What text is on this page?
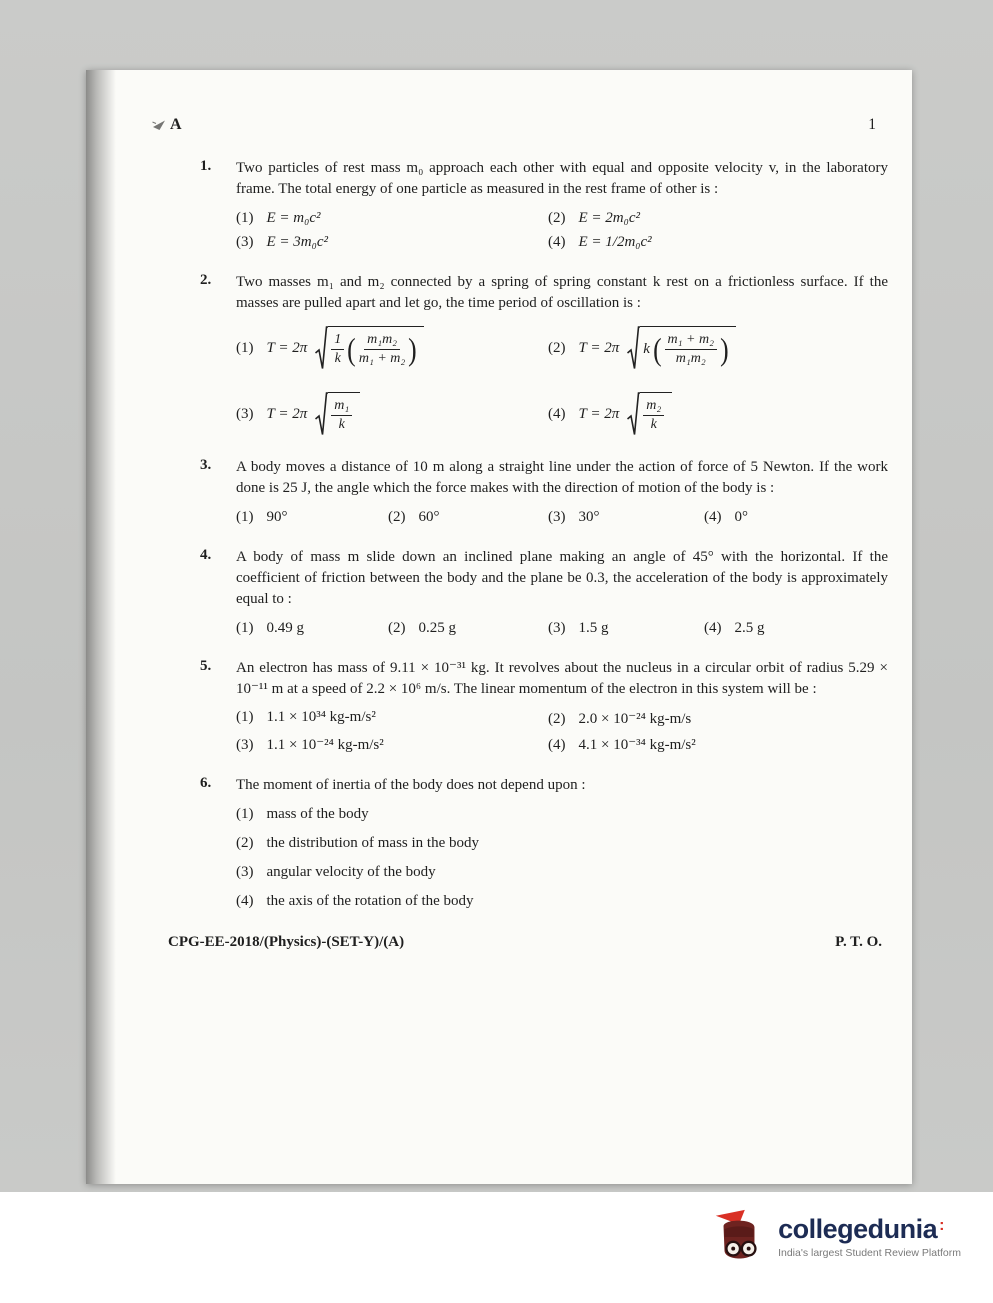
A	1
1.	Two particles of rest mass m₀ approach each other with equal and opposite velocity v, in the laboratory frame. The total energy of one particle as measured in the rest frame of other is :

(1) E = m₀c²	(2) E = 2m₀c²
(3) E = 3m₀c²	(4) E = 1/2m₀c²
2.	Two masses m₁ and m₂ connected by a spring of spring constant k rest on a frictionless surface. If the masses are pulled apart and let go, the time period of oscillation is :

(1) $T = 2\pi \frac{1}{k}$ ( $\frac{\text{m₁m₂}}{\text{m₁ + m₂}}$ )	(2) T = 2π k ( $\frac{\text{m₁ + m₂}}{\text{m₁m₂}}$ )
(3) $T = 2\pi \frac{\text{m₁}}{k}$	(4) $T = 2\pi \frac{\text{m₂}}{k}$
3.	A body moves a distance of 10 m along a straight line under the action of force of 5 Newton. If the work done is 25 J, the angle which the force makes with the direction of motion of the body is :

(1) 90°	(2) 60°	(3) 30°	(4) 0°
4.	A body of mass m slide down an inclined plane making an angle of 45° with the horizontal. If the coefficient of friction between the body and the plane be 0.3, the acceleration of the body is approximately equal to :

(1) 0.49 g	(2) 0.25 g	(3) 1.5 g	(4) 2.5 g
5.	An electron has mass of 9.11 × 10⁻³¹ kg. It revolves about the nucleus in a circular orbit of radius 5.29 × 10⁻¹¹ m at a speed of 2.2 × 10⁶ m/s. The linear momentum of the electron in this system will be :

(1) 1.1 × 10³⁴ kg-m/s²	(2) 2.0 × 10⁻²⁴ kg-m/s
(3) 1.1 × 10⁻²⁴ kg-m/s²	(4) 4.1 × 10⁻³⁴ kg-m/s²
6.	The moment of inertia of the body does not depend upon :

(1) mass of the body
(2) the distribution of mass in the body
(3) angular velocity of the body
(4) the axis of the rotation of the body
CPG-EE-2018/(Physics)-(SET-Y)/(A)	P. T. O.
collegedunia :
India's largest Student Review Platform
